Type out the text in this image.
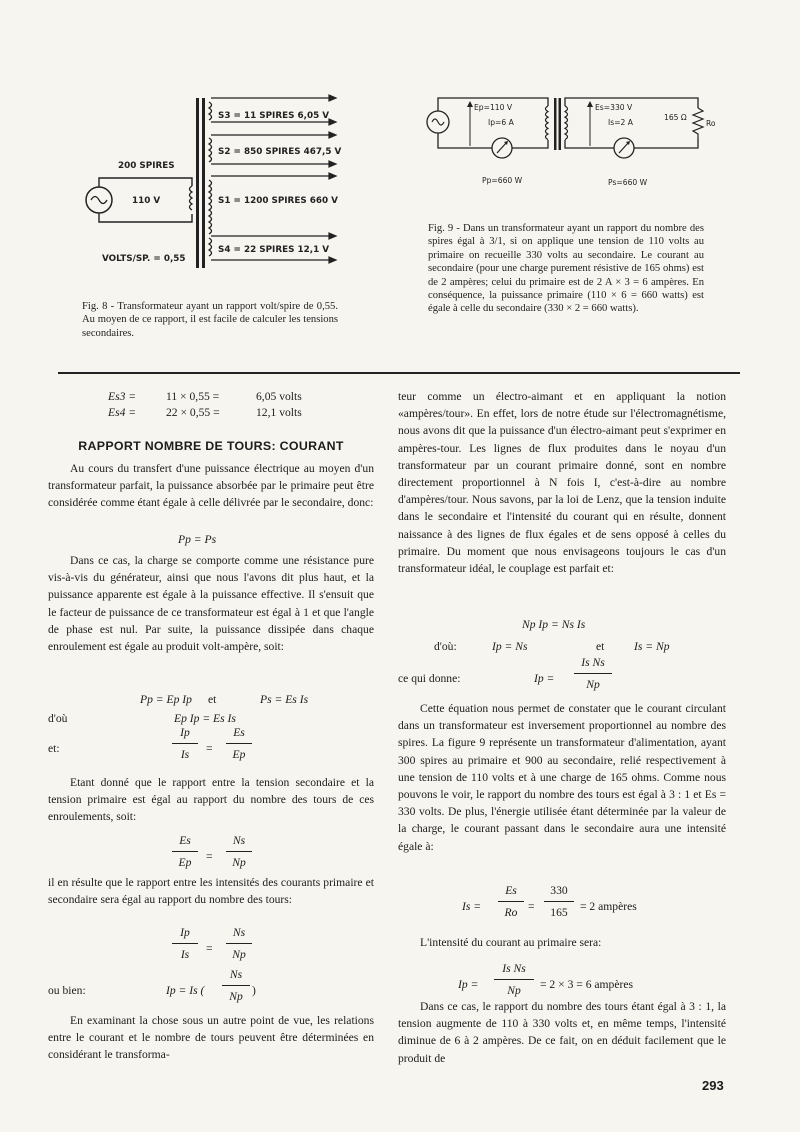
S3 = 11 SPIRES 6,05 V
S2 = 850 SPIRES 467,5 V
S1 = 1200 SPIRES 660 V
S4 = 22 SPIRES 12,1 V
200 SPIRES
110 V
VOLTS/SP. = 0,55
Fig. 8 - Transformateur ayant un rapport volt/spire de 0,55. Au moyen de ce rapport, il est facile de calculer les tensions secondaires.
Ep=110 V
Ip=6 A
Es=330 V
Is=2 A
165 Ω
Ro
Pp=660 W	Ps=660 W
Fig. 9 - Dans un transformateur ayant un rapport du nombre des spires égal à 3/1, si on applique une tension de 110 volts au primaire on recueille 330 volts au secondaire. Le courant au secondaire (pour une charge purement résistive de 165 ohms) est de 2 ampères; celui du primaire est de 2 A × 3 = 6 ampères. En conséquence, la puissance primaire (110 × 6 = 660 watts) est égale à celle du secondaire (330 × 2 = 660 watts).
Es3 =	11 × 0,55 =	6,05 volts
Es4 =	22 × 0,55 =	12,1 volts
RAPPORT NOMBRE DE TOURS: COURANT

Au cours du transfert d'une puissance électrique au moyen d'un transformateur parfait, la puissance absorbée par le primaire peut être considérée comme étant égale à celle délivrée par le secondaire, donc:

Pp = Ps

Dans ce cas, la charge se comporte comme une résistance pure vis-à-vis du générateur, ainsi que nous l'avons dit plus haut, et la puissance apparente est égale à la puissance effective. Il s'ensuit que le facteur de puissance de ce transformateur est égal à 1 et que l'angle de phase est nul. Par suite, la puissance dissipée dans chaque enroulement est égale au produit volt-ampère, soit:

Pp = Ep Ip et	Ps = Es Is
d'où	Ep Ip = Es Is
et:
Ip
Is	=
Es
Ep

Etant donné que le rapport entre la tension secondaire et la tension primaire est égal au rapport du nombre des tours de ces enroulements, soit:

Es
Ep	=
Ns
Np

il en résulte que le rapport entre les intensités des courants primaire et secondaire sera égal au rapport du nombre des tours:

Ip
Is	=
Ns
Np
ou bien:	Ip = Is (
Ns
Np )

En examinant la chose sous un autre point de vue, les relations entre le courant et le nombre de tours peuvent être déterminées en considérant le transforma-

teur comme un électro-aimant et en appliquant la notion «ampères/tour». En effet, lors de notre étude sur l'électromagnétisme, nous avons dit que la puissance d'un électro-aimant peut s'exprimer en ampères-tour. Les lignes de flux produites dans le noyau d'un transformateur par un courant primaire donné, sont en nombre directement proportionnel à N fois I, c'est-à-dire au nombre d'ampères/tour. Nous savons, par la loi de Lenz, que la tension induite dans le secondaire et l'intensité du courant qui en résulte, donnent naissance à des lignes de flux égales et de sens opposé à celles du primaire. Du moment que nous envisageons toujours le cas d'un transformateur idéal, le couplage est parfait et:

Np Ip = Ns Is
d'où:	Ip = Ns	et	Is = Np
ce qui donne:	Ip =
Is Ns
Np

Cette équation nous permet de constater que le courant circulant dans un transformateur est inversement proportionnel au nombre des spires. La figure 9 représente un transformateur d'alimentation, ayant 300 spires au primaire et 900 au secondaire, relié respectivement à une tension de 110 volts et à une charge de 165 ohms. Comme nous pouvons le voir, le rapport du nombre des tours est égal à 3 : 1 et Es = 330 volts. De plus, l'énergie utilisée étant déterminée par la valeur de la charge, le courant passant dans le secondaire aura une intensité égale à:

Is =
Es
Ro =
330
165	= 2 ampères

L'intensité du courant au primaire sera:

Ip =
Is Ns
Np	= 2 × 3 = 6 ampères

Dans ce cas, le rapport du nombre des tours étant égal à 3 : 1, la tension augmente de 110 à 330 volts et, en même temps, l'intensité diminue de 6 à 2 ampères. De ce fait, on en déduit facilement que le produit de

293
